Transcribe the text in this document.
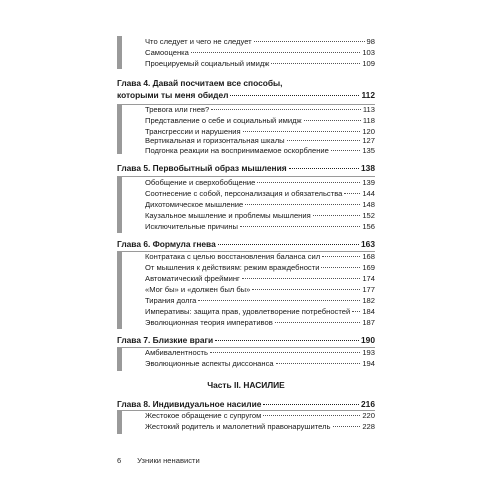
Что следует и чего не следует	98
Самооценка	103
Проецируемый социальный имидж	109
Глава 4. Давай посчитаем все способы,
которыми ты меня обидел	112
Тревога или гнев?	113
Представление о себе и социальный имидж	118
Трансгрессии и нарушения	120
Вертикальная и горизонтальная шкалы	127
Подгонка реакции на воспринимаемое оскорбление	135
Глава 5. Первобытный образ мышления	138
Обобщение и сверхобобщение	139
Соотнесение с собой, персонализация и обязательства	144
Дихотомическое мышление	148
Каузальное мышление и проблемы мышления	152
Исключительные причины	156
Глава 6. Формула гнева	163
Контратака с целью восстановления баланса сил	168
От мышления к действиям: режим враждебности	169
Автоматический фрейминг	174
«Мог бы» и «должен был бы»	177
Тирания долга	182
Императивы: защита прав, удовлетворение потребностей 184
Эволюционная теория императивов	187
Глава 7. Близкие враги	190
Амбивалентность	193
Эволюционные аспекты диссонанса	194
Часть II. НАСИЛИЕ
Глава 8. Индивидуальное насилие	216
Жестокое обращение с супругом	220
Жестокий родитель и малолетний правонарушитель	228
6 Узники ненависти
